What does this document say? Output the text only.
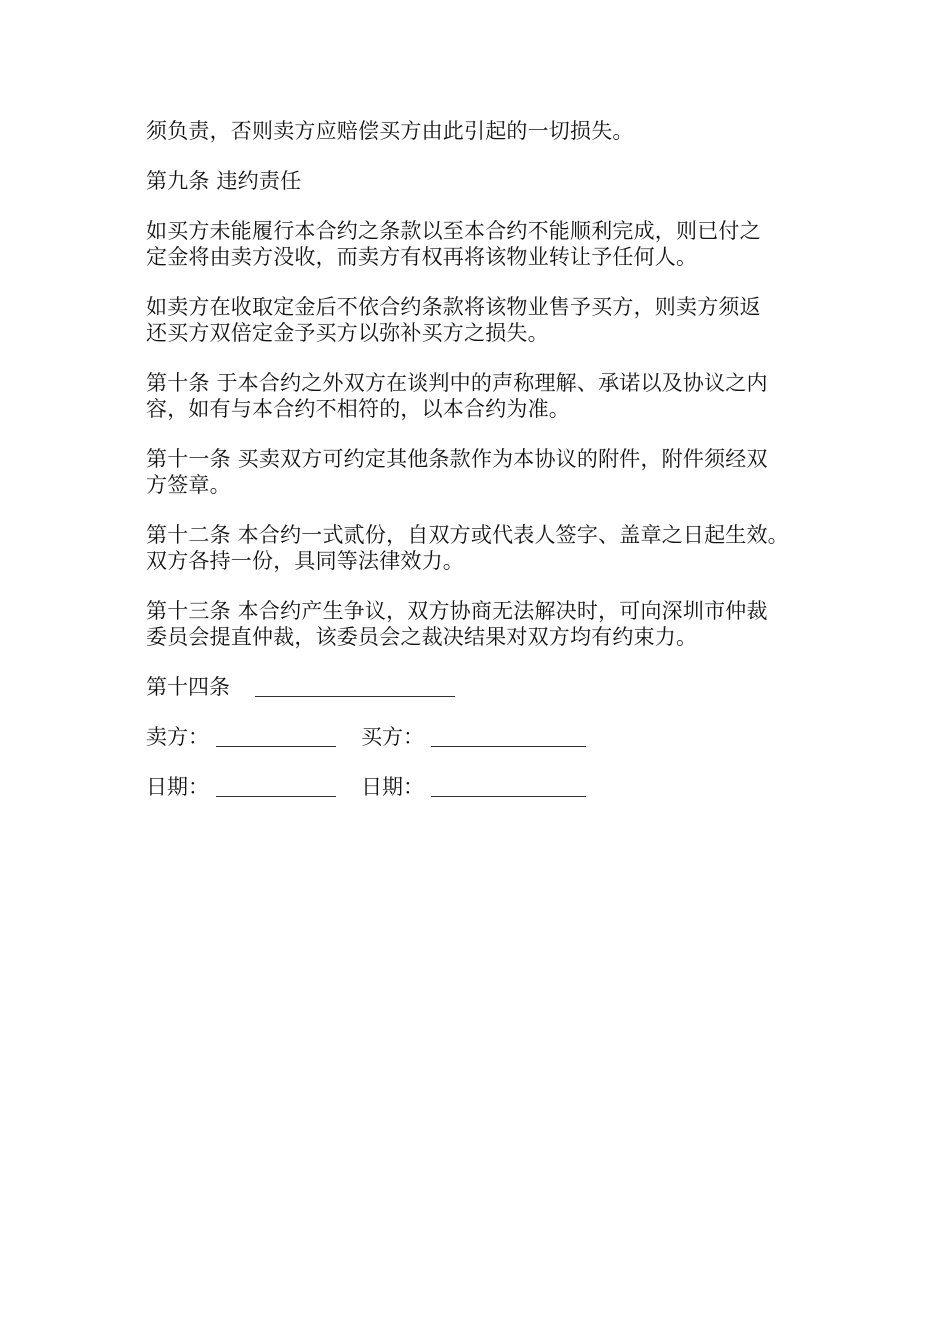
须负责，否则卖方应赔偿买方由此引起的一切损失。

第九条 违约责任

如买方未能履行本合约之条款以至本合约不能顺利完成，则已付之
定金将由卖方没收，而卖方有权再将该物业转让予任何人。

如卖方在收取定金后不依合约条款将该物业售予买方，则卖方须返
还买方双倍定金予买方以弥补买方之损失。

第十条 于本合约之外双方在谈判中的声称理解、承诺以及协议之内
容，如有与本合约不相符的，以本合约为准。

第十一条 买卖双方可约定其他条款作为本协议的附件，附件须经双
方签章。

第十二条 本合约一式贰份，自双方或代表人签字、盖章之日起生效。
双方各持一份，具同等法律效力。

第十三条 本合约产生争议，双方协商无法解决时，可向深圳市仲裁
委员会提直仲裁，该委员会之裁决结果对双方均有约束力。

第十四条
卖方：	买方：
日期：	日期：
